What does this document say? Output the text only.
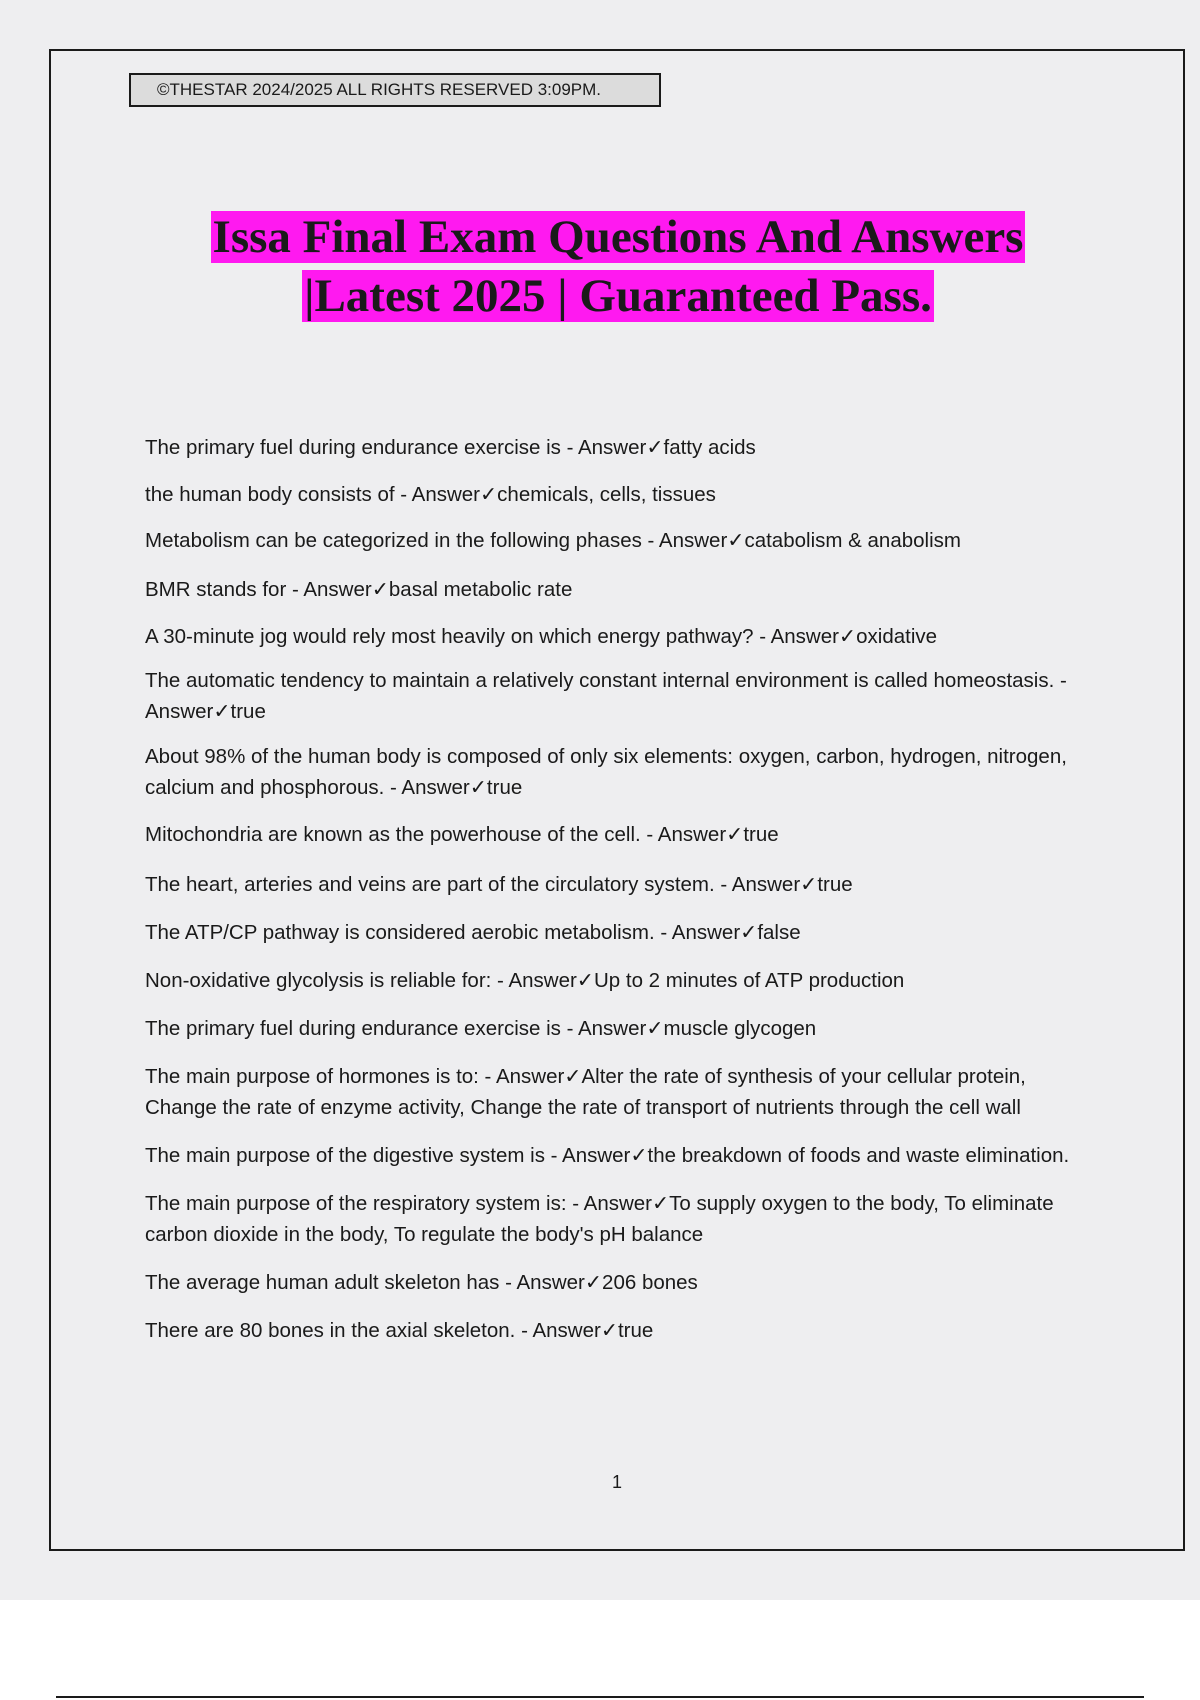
©THESTAR 2024/2025 ALL RIGHTS RESERVED 3:09PM.
Issa Final Exam Questions And Answers
|Latest 2025 | Guaranteed Pass.
The primary fuel during endurance exercise is - Answer✓fatty acids
the human body consists of - Answer✓chemicals, cells, tissues
Metabolism can be categorized in the following phases - Answer✓catabolism & anabolism
BMR stands for - Answer✓basal metabolic rate
A 30-minute jog would rely most heavily on which energy pathway? - Answer✓oxidative
The automatic tendency to maintain a relatively constant internal environment is called homeostasis. - Answer✓true
About 98% of the human body is composed of only six elements: oxygen, carbon, hydrogen, nitrogen, calcium and phosphorous. - Answer✓true
Mitochondria are known as the powerhouse of the cell. - Answer✓true
The heart, arteries and veins are part of the circulatory system. - Answer✓true
The ATP/CP pathway is considered aerobic metabolism. - Answer✓false
Non-oxidative glycolysis is reliable for: - Answer✓Up to 2 minutes of ATP production
The primary fuel during endurance exercise is - Answer✓muscle glycogen
The main purpose of hormones is to: - Answer✓Alter the rate of synthesis of your cellular protein, Change the rate of enzyme activity, Change the rate of transport of nutrients through the cell wall
The main purpose of the digestive system is - Answer✓the breakdown of foods and waste elimination.
The main purpose of the respiratory system is: - Answer✓To supply oxygen to the body, To eliminate carbon dioxide in the body, To regulate the body's pH balance
The average human adult skeleton has - Answer✓206 bones
There are 80 bones in the axial skeleton. - Answer✓true
1
